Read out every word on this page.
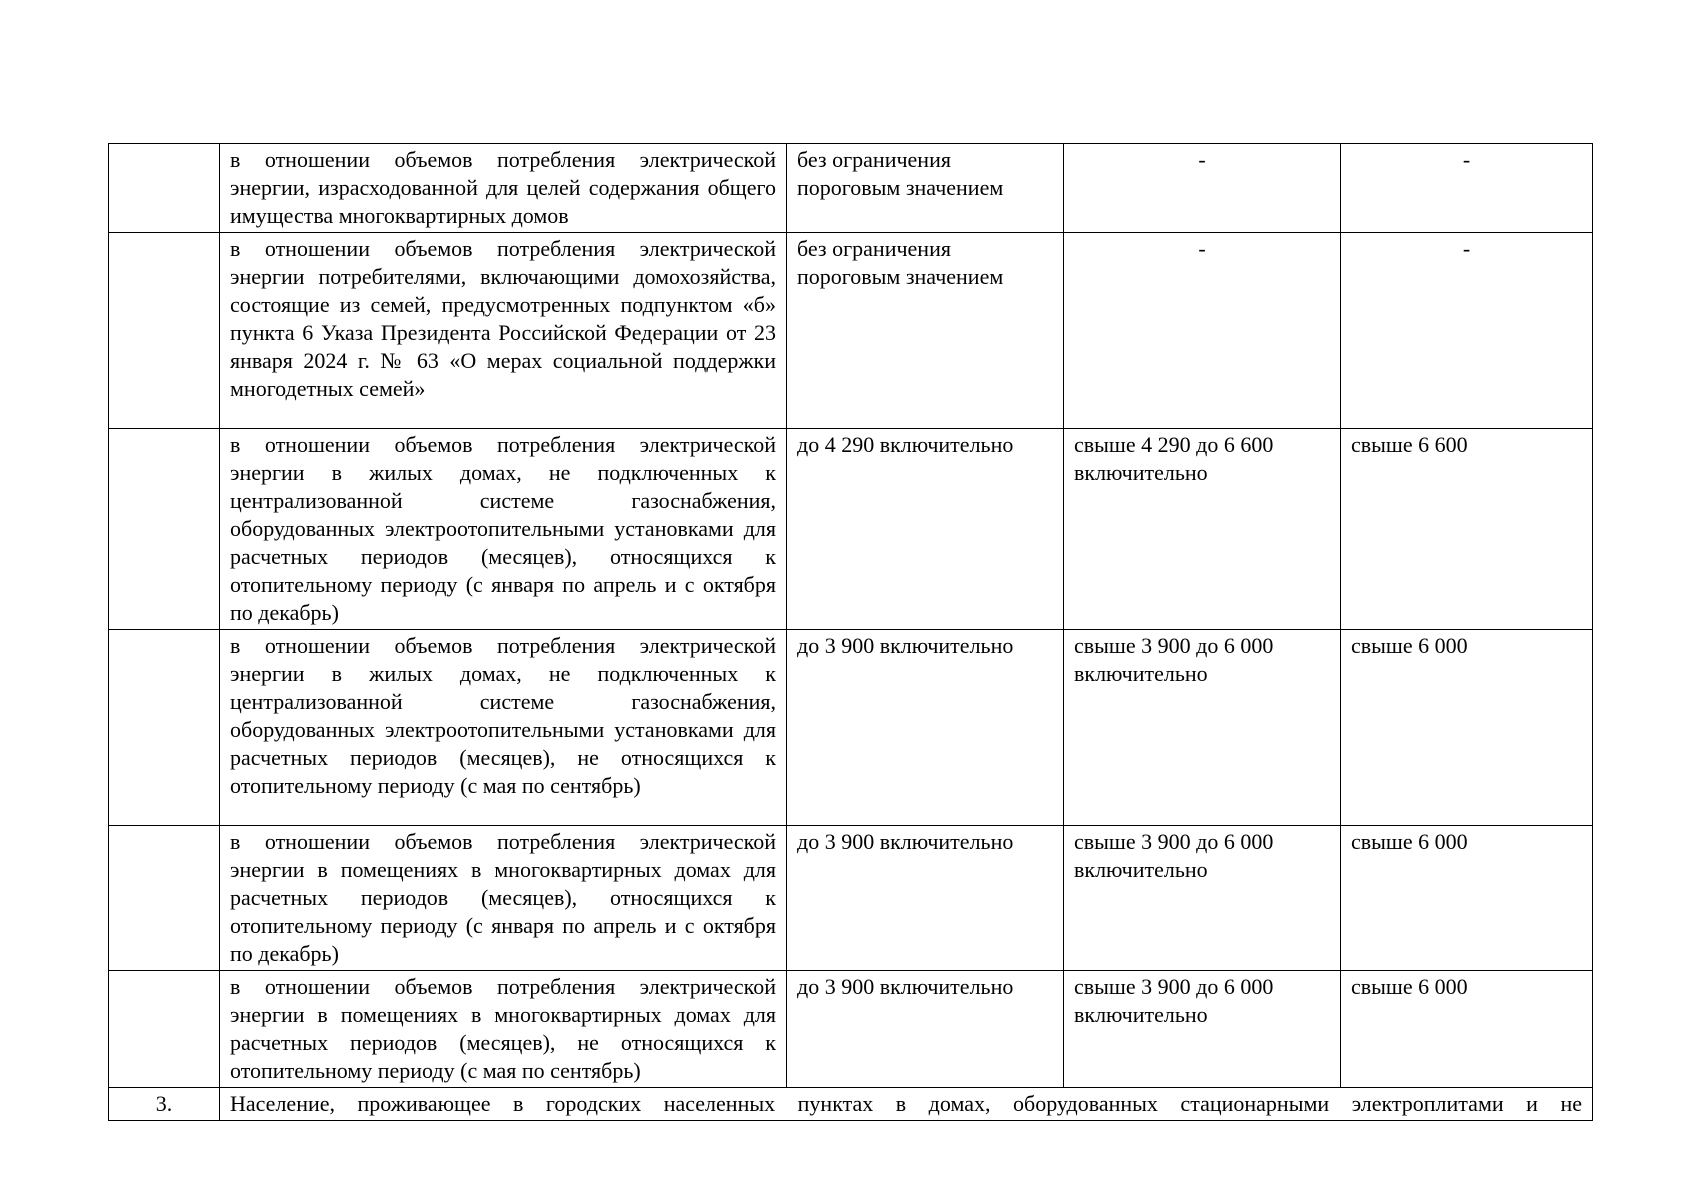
	в отношении объемов потребления электрической энергии, израсходованной для целей содержания общего имущества многоквартирных домов	без ограничения пороговым значением	-	-

	в отношении объемов потребления электрической энергии потребителями, включающими домохозяйства, состоящие из семей, предусмотренных подпунктом «б» пункта 6 Указа Президента Российской Федерации от 23 января 2024 г. № 63 «О мерах социальной поддержки многодетных семей»	без ограничения пороговым значением	-	-

	в отношении объемов потребления электрической энергии в жилых домах, не подключенных к централизованной системе газоснабжения, оборудованных электроотопительными установками для расчетных периодов (месяцев), относящихся к отопительному периоду (с января по апрель и с октября по декабрь)	до 4 290 включительно	свыше 4 290 до 6 600 включительно	свыше 6 600

	в отношении объемов потребления электрической энергии в жилых домах, не подключенных к централизованной системе газоснабжения, оборудованных электроотопительными установками для расчетных периодов (месяцев), не относящихся к отопительному периоду (с мая по сентябрь)	до 3 900 включительно	свыше 3 900 до 6 000 включительно	свыше 6 000

	в отношении объемов потребления электрической энергии в помещениях в многоквартирных домах для расчетных периодов (месяцев), относящихся к отопительному периоду (с января по апрель и с октября по декабрь)	до 3 900 включительно	свыше 3 900 до 6 000 включительно	свыше 6 000

	в отношении объемов потребления электрической энергии в помещениях в многоквартирных домах для расчетных периодов (месяцев), не относящихся к отопительному периоду (с мая по сентябрь)	до 3 900 включительно	свыше 3 900 до 6 000 включительно	свыше 6 000
3.	Население, проживающее в городских населенных пунктах в домах, оборудованных стационарными электроплитами и не			
